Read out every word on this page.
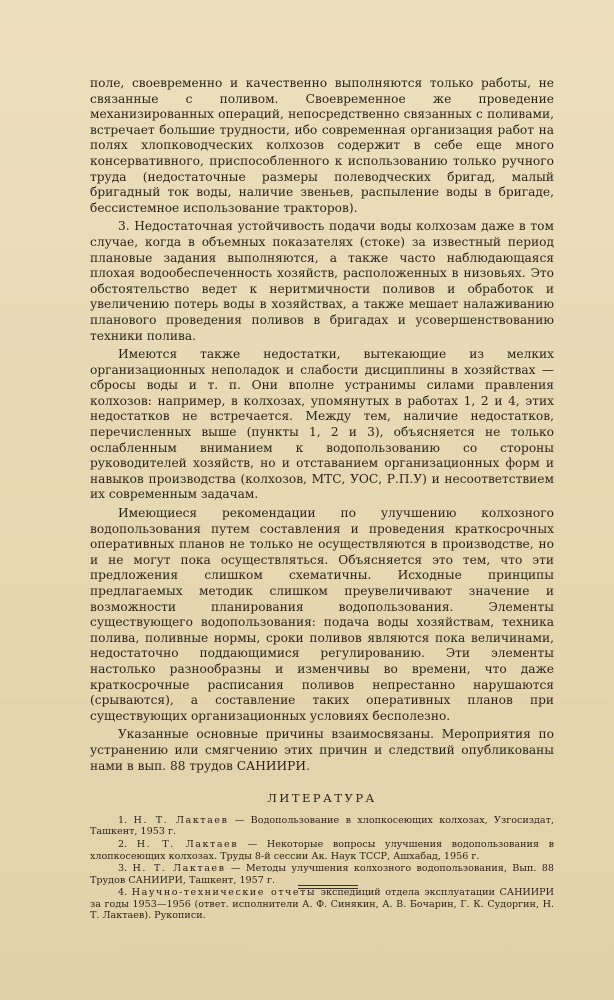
поле, своевременно и качественно выполняются только работы, не связанные с поливом. Своевременное же проведение механизированных операций, непосредственно связанных с поливами, встречает большие трудности, ибо современная организация работ на полях хлопководческих колхозов содержит в себе еще много консервативного, приспособленного к использованию только ручного труда (недостаточные размеры полеводческих бригад, малый бригадный ток воды, наличие звеньев, распыление воды в бригаде, бессистемное использование тракторов).

3. Недостаточная устойчивость подачи воды колхозам даже в том случае, когда в объемных показателях (стоке) за известный период плановые задания выполняются, а также часто наблюдающаяся плохая водообеспеченность хозяйств, расположенных в низовьях. Это обстоятельство ведет к неритмичности поливов и обработок и увеличению потерь воды в хозяйствах, а также мешает налаживанию планового проведения поливов в бригадах и усовершенствованию техники полива.

Имеются также недостатки, вытекающие из мелких организационных неполадок и слабости дисциплины в хозяйствах — сбросы воды и т. п. Они вполне устранимы силами правления колхозов: например, в колхозах, упомянутых в работах 1, 2 и 4, этих недостатков не встречается. Между тем, наличие недостатков, перечисленных выше (пункты 1, 2 и 3), объясняется не только ослабленным вниманием к водопользованию со стороны руководителей хозяйств, но и отставанием организационных форм и навыков производства (колхозов, МТС, УОС, Р.П.У) и несоответствием их современным задачам.

Имеющиеся рекомендации по улучшению колхозного водопользования путем составления и проведения краткосрочных оперативных планов не только не осуществляются в производстве, но и не могут пока осуществляться. Объясняется это тем, что эти предложения слишком схематичны. Исходные принципы предлагаемых методик слишком преувеличивают значение и возможности планирования водопользования. Элементы существующего водопользования: подача воды хозяйствам, техника полива, поливные нормы, сроки поливов являются пока величинами, недостаточно поддающимися регулированию. Эти элементы настолько разнообразны и изменчивы во времени, что даже краткосрочные расписания поливов непрестанно нарушаются (срываются), а составление таких оперативных планов при существующих организационных условиях бесполезно.

Указанные основные причины взаимосвязаны. Мероприятия по устранению или смягчению этих причин и следствий опубликованы нами в вып. 88 трудов САНИИРИ.

ЛИТЕРАТУРА

1. Н. Т. Лактаев — Водопользование в хлопкосеющих колхозах, Узгосиздат, Ташкент, 1953 г.

2. Н. Т. Лактаев — Некоторые вопросы улучшения водопользования в хлопкосеющих колхозах. Труды 8-й сессии Ак. Наук ТССР, Ашхабад, 1956 г.

3. Н. Т. Лактаев — Методы улучшения колхозного водопользования, Вып. 88 Трудов САНИИРИ, Ташкент, 1957 г.

4. Научно-технические отчеты экспедиций отдела эксплуатации САНИИРИ за годы 1953—1956 (ответ. исполнители А. Ф. Синякин, А. В. Бочарин, Г. К. Судоргин, Н. Т. Лактаев). Рукописи.
